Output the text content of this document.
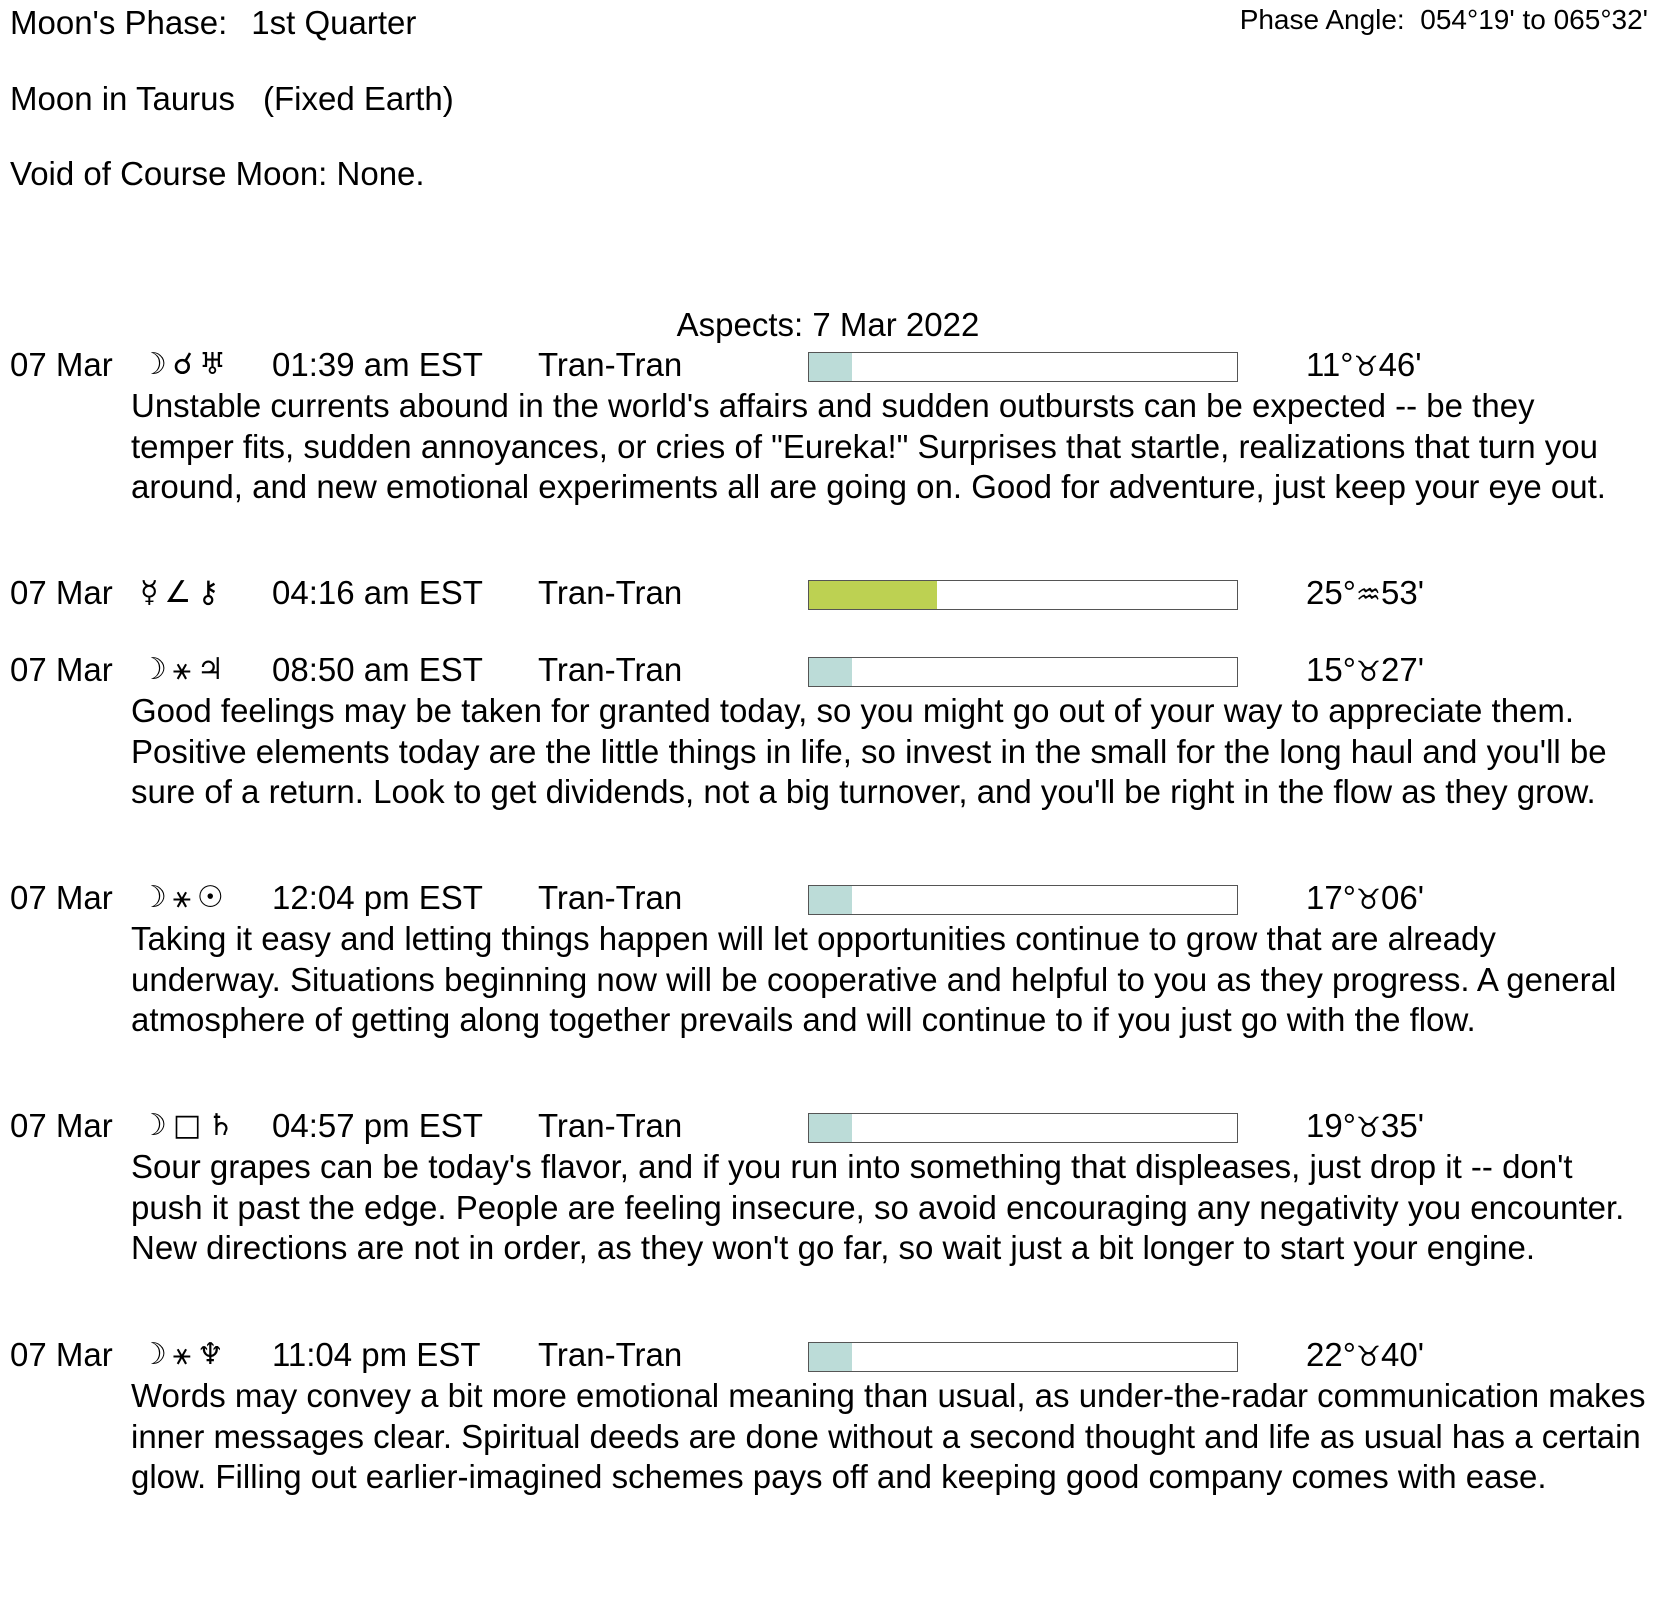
Moon's Phase: 1st Quarter	Phase Angle: 054°19' to 065°32'
Moon in Taurus (Fixed Earth)
Void of Course Moon: None.
Aspects: 7 Mar 2022
07 Mar ☽☌♅ 01:39 am EST Tran-Tran	11°♉46'
Unstable currents abound in the world's affairs and sudden outbursts can be expected -- be they temper fits, sudden annoyances, or cries of "Eureka!" Surprises that startle, realizations that turn you around, and new emotional experiments all are going on. Good for adventure, just keep your eye out.
07 Mar ☿∠⚷ 04:16 am EST Tran-Tran	25°♒53'
07 Mar ☽⚹♃ 08:50 am EST Tran-Tran	15°♉27'
Good feelings may be taken for granted today, so you might go out of your way to appreciate them. Positive elements today are the little things in life, so invest in the small for the long haul and you'll be sure of a return. Look to get dividends, not a big turnover, and you'll be right in the flow as they grow.
07 Mar ☽⚹☉ 12:04 pm EST Tran-Tran	17°♉06'
Taking it easy and letting things happen will let opportunities continue to grow that are already underway. Situations beginning now will be cooperative and helpful to you as they progress. A general atmosphere of getting along together prevails and will continue to if you just go with the flow.
07 Mar ☽□♄ 04:57 pm EST Tran-Tran	19°♉35'
Sour grapes can be today's flavor, and if you run into something that displeases, just drop it -- don't push it past the edge. People are feeling insecure, so avoid encouraging any negativity you encounter. New directions are not in order, as they won't go far, so wait just a bit longer to start your engine.
07 Mar ☽⚹♆ 11:04 pm EST Tran-Tran	22°♉40'
Words may convey a bit more emotional meaning than usual, as under-the-radar communication makes inner messages clear. Spiritual deeds are done without a second thought and life as usual has a certain glow. Filling out earlier-imagined schemes pays off and keeping good company comes with ease.
